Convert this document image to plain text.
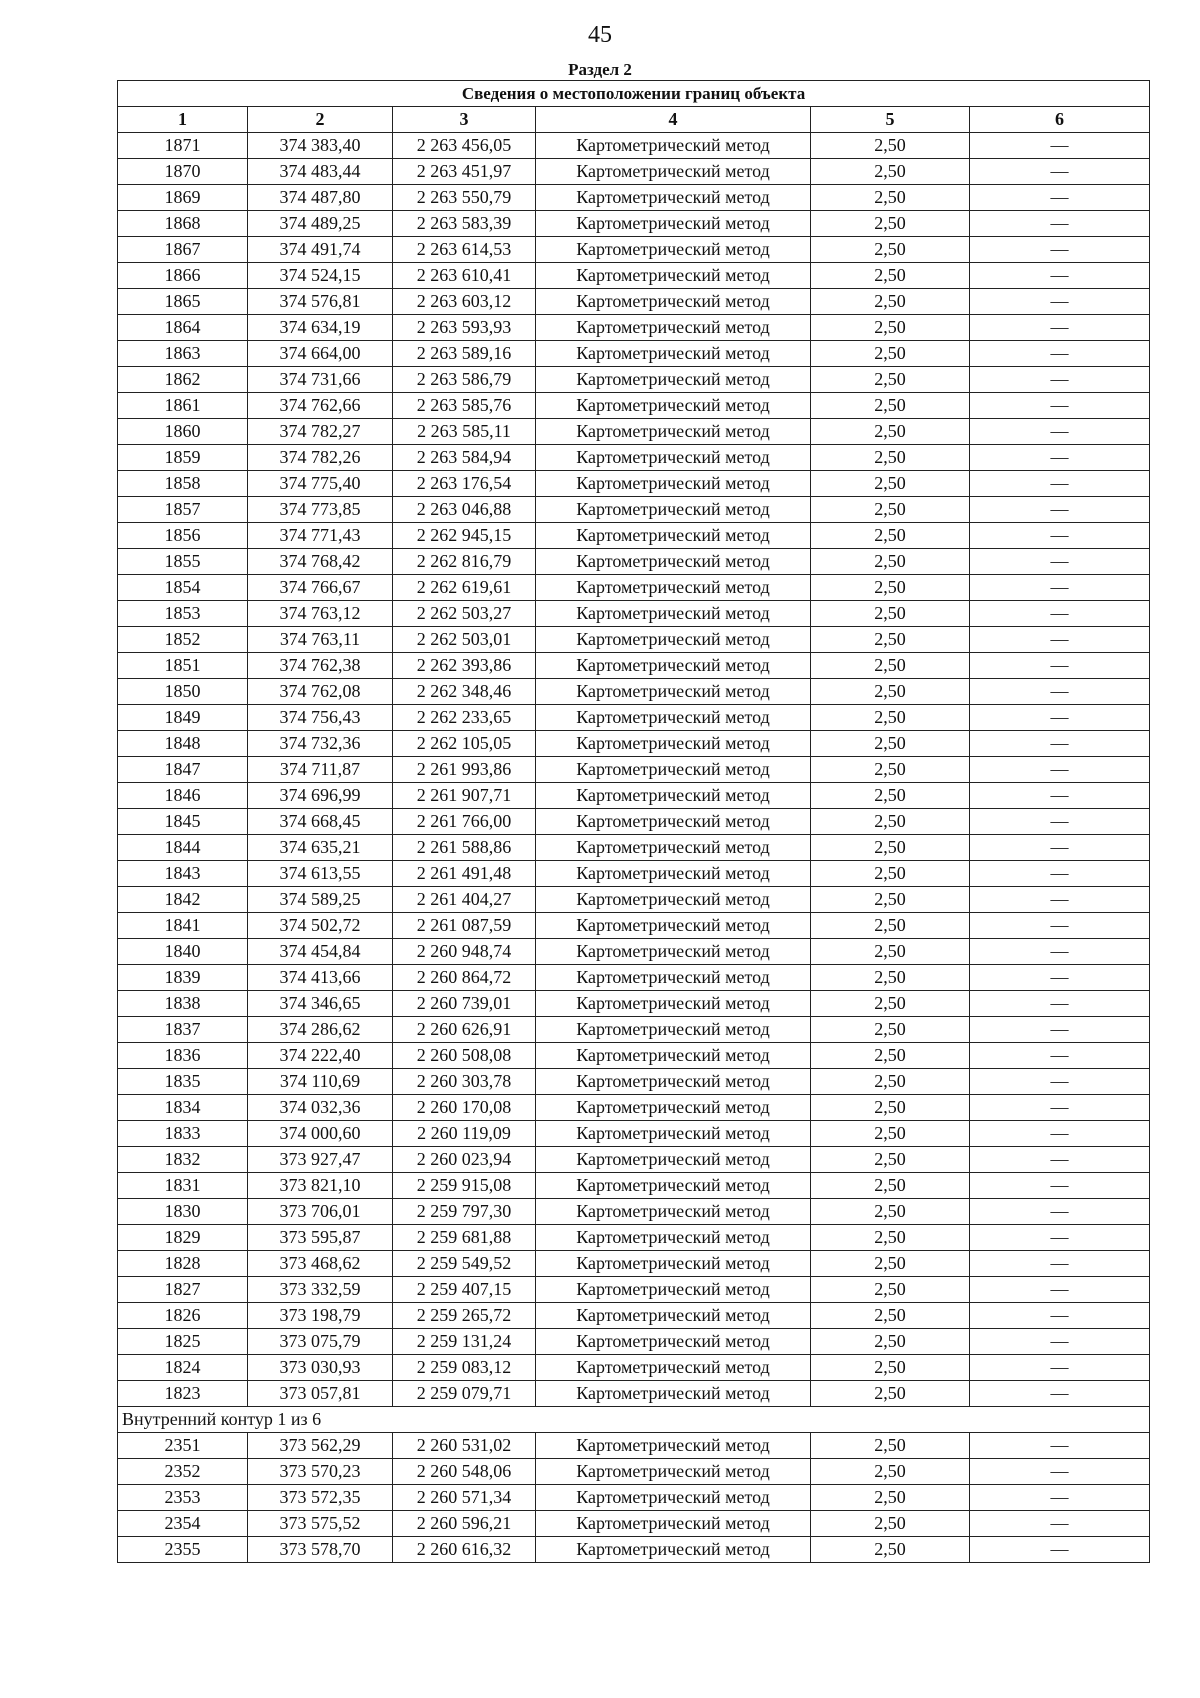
45
Раздел 2
Сведения о местоположении границ объекта					
1	2	3	4	5	6
1871	374 383,40	2 263 456,05	Картометрический метод	2,50	—
1870	374 483,44	2 263 451,97	Картометрический метод	2,50	—
1869	374 487,80	2 263 550,79	Картометрический метод	2,50	—
1868	374 489,25	2 263 583,39	Картометрический метод	2,50	—
1867	374 491,74	2 263 614,53	Картометрический метод	2,50	—
1866	374 524,15	2 263 610,41	Картометрический метод	2,50	—
1865	374 576,81	2 263 603,12	Картометрический метод	2,50	—
1864	374 634,19	2 263 593,93	Картометрический метод	2,50	—
1863	374 664,00	2 263 589,16	Картометрический метод	2,50	—
1862	374 731,66	2 263 586,79	Картометрический метод	2,50	—
1861	374 762,66	2 263 585,76	Картометрический метод	2,50	—
1860	374 782,27	2 263 585,11	Картометрический метод	2,50	—
1859	374 782,26	2 263 584,94	Картометрический метод	2,50	—
1858	374 775,40	2 263 176,54	Картометрический метод	2,50	—
1857	374 773,85	2 263 046,88	Картометрический метод	2,50	—
1856	374 771,43	2 262 945,15	Картометрический метод	2,50	—
1855	374 768,42	2 262 816,79	Картометрический метод	2,50	—
1854	374 766,67	2 262 619,61	Картометрический метод	2,50	—
1853	374 763,12	2 262 503,27	Картометрический метод	2,50	—
1852	374 763,11	2 262 503,01	Картометрический метод	2,50	—
1851	374 762,38	2 262 393,86	Картометрический метод	2,50	—
1850	374 762,08	2 262 348,46	Картометрический метод	2,50	—
1849	374 756,43	2 262 233,65	Картометрический метод	2,50	—
1848	374 732,36	2 262 105,05	Картометрический метод	2,50	—
1847	374 711,87	2 261 993,86	Картометрический метод	2,50	—
1846	374 696,99	2 261 907,71	Картометрический метод	2,50	—
1845	374 668,45	2 261 766,00	Картометрический метод	2,50	—
1844	374 635,21	2 261 588,86	Картометрический метод	2,50	—
1843	374 613,55	2 261 491,48	Картометрический метод	2,50	—
1842	374 589,25	2 261 404,27	Картометрический метод	2,50	—
1841	374 502,72	2 261 087,59	Картометрический метод	2,50	—
1840	374 454,84	2 260 948,74	Картометрический метод	2,50	—
1839	374 413,66	2 260 864,72	Картометрический метод	2,50	—
1838	374 346,65	2 260 739,01	Картометрический метод	2,50	—
1837	374 286,62	2 260 626,91	Картометрический метод	2,50	—
1836	374 222,40	2 260 508,08	Картометрический метод	2,50	—
1835	374 110,69	2 260 303,78	Картометрический метод	2,50	—
1834	374 032,36	2 260 170,08	Картометрический метод	2,50	—
1833	374 000,60	2 260 119,09	Картометрический метод	2,50	—
1832	373 927,47	2 260 023,94	Картометрический метод	2,50	—
1831	373 821,10	2 259 915,08	Картометрический метод	2,50	—
1830	373 706,01	2 259 797,30	Картометрический метод	2,50	—
1829	373 595,87	2 259 681,88	Картометрический метод	2,50	—
1828	373 468,62	2 259 549,52	Картометрический метод	2,50	—
1827	373 332,59	2 259 407,15	Картометрический метод	2,50	—
1826	373 198,79	2 259 265,72	Картометрический метод	2,50	—
1825	373 075,79	2 259 131,24	Картометрический метод	2,50	—
1824	373 030,93	2 259 083,12	Картометрический метод	2,50	—
1823	373 057,81	2 259 079,71	Картометрический метод	2,50	—
Внутренний контур 1 из 6					
2351	373 562,29	2 260 531,02	Картометрический метод	2,50	—
2352	373 570,23	2 260 548,06	Картометрический метод	2,50	—
2353	373 572,35	2 260 571,34	Картометрический метод	2,50	—
2354	373 575,52	2 260 596,21	Картометрический метод	2,50	—
2355	373 578,70	2 260 616,32	Картометрический метод	2,50	—
